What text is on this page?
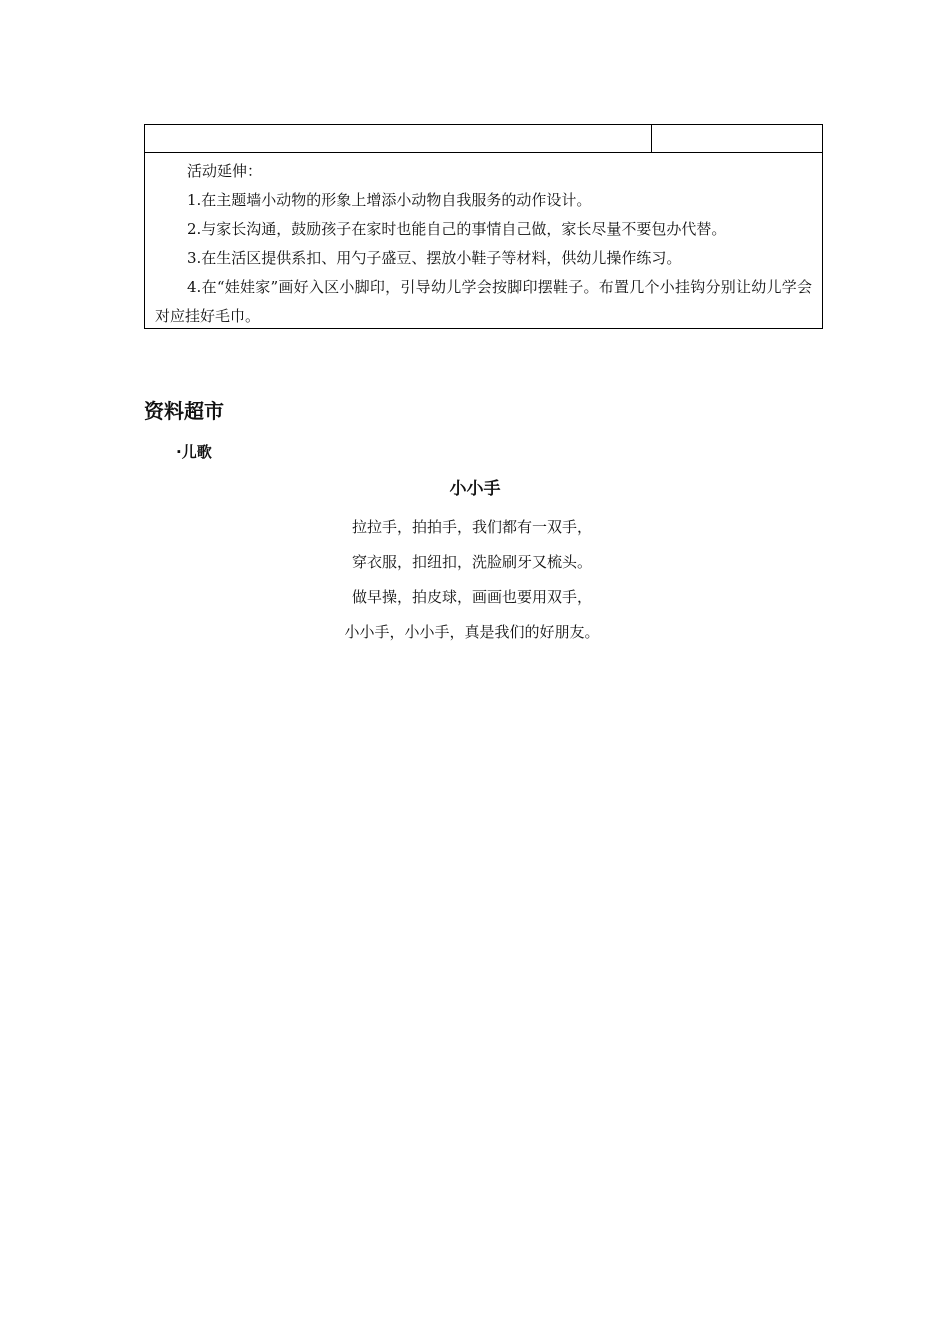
活动延伸：

1.在主题墙小动物的形象上增添小动物自我服务的动作设计。

2.与家长沟通，鼓励孩子在家时也能自己的事情自己做，家长尽量不要包办代替。

3.在生活区提供系扣、用勺子盛豆、摆放小鞋子等材料，供幼儿操作练习。

4.在“娃娃家”画好入区小脚印，引导幼儿学会按脚印摆鞋子。布置几个小挂钩分别让幼儿学会对应挂好毛巾。

资料超市
·儿歌
小小手
拉拉手，拍拍手，我们都有一双手，
穿衣服，扣纽扣，洗脸刷牙又梳头。
做早操，拍皮球，画画也要用双手，
小小手，小小手，真是我们的好朋友。
